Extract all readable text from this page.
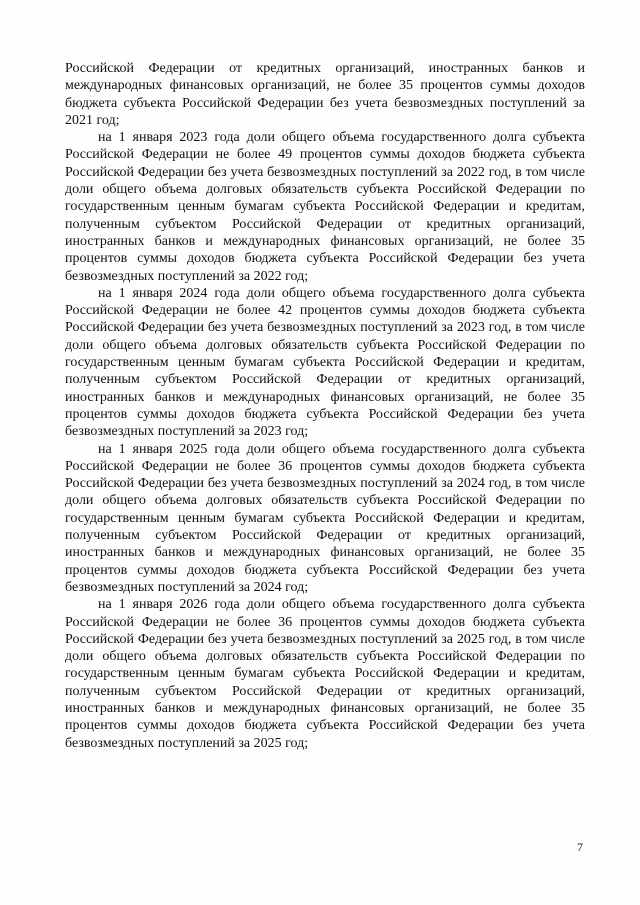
Российской Федерации от кредитных организаций, иностранных банков и международных финансовых организаций, не более 35 процентов суммы доходов бюджета субъекта Российской Федерации без учета безвозмездных поступлений за 2021 год;

на 1 января 2023 года доли общего объема государственного долга субъекта Российской Федерации не более 49 процентов суммы доходов бюджета субъекта Российской Федерации без учета безвозмездных поступлений за 2022 год, в том числе доли общего объема долговых обязательств субъекта Российской Федерации по государственным ценным бумагам субъекта Российской Федерации и кредитам, полученным субъектом Российской Федерации от кредитных организаций, иностранных банков и международных финансовых организаций, не более 35 процентов суммы доходов бюджета субъекта Российской Федерации без учета безвозмездных поступлений за 2022 год;

на 1 января 2024 года доли общего объема государственного долга субъекта Российской Федерации не более 42 процентов суммы доходов бюджета субъекта Российской Федерации без учета безвозмездных поступлений за 2023 год, в том числе доли общего объема долговых обязательств субъекта Российской Федерации по государственным ценным бумагам субъекта Российской Федерации и кредитам, полученным субъектом Российской Федерации от кредитных организаций, иностранных банков и международных финансовых организаций, не более 35 процентов суммы доходов бюджета субъекта Российской Федерации без учета безвозмездных поступлений за 2023 год;

на 1 января 2025 года доли общего объема государственного долга субъекта Российской Федерации не более 36 процентов суммы доходов бюджета субъекта Российской Федерации без учета безвозмездных поступлений за 2024 год, в том числе доли общего объема долговых обязательств субъекта Российской Федерации по государственным ценным бумагам субъекта Российской Федерации и кредитам, полученным субъектом Российской Федерации от кредитных организаций, иностранных банков и международных финансовых организаций, не более 35 процентов суммы доходов бюджета субъекта Российской Федерации без учета безвозмездных поступлений за 2024 год;

на 1 января 2026 года доли общего объема государственного долга субъекта Российской Федерации не более 36 процентов суммы доходов бюджета субъекта Российской Федерации без учета безвозмездных поступлений за 2025 год, в том числе доли общего объема долговых обязательств субъекта Российской Федерации по государственным ценным бумагам субъекта Российской Федерации и кредитам, полученным субъектом Российской Федерации от кредитных организаций, иностранных банков и международных финансовых организаций, не более 35 процентов суммы доходов бюджета субъекта Российской Федерации без учета безвозмездных поступлений за 2025 год;

7
